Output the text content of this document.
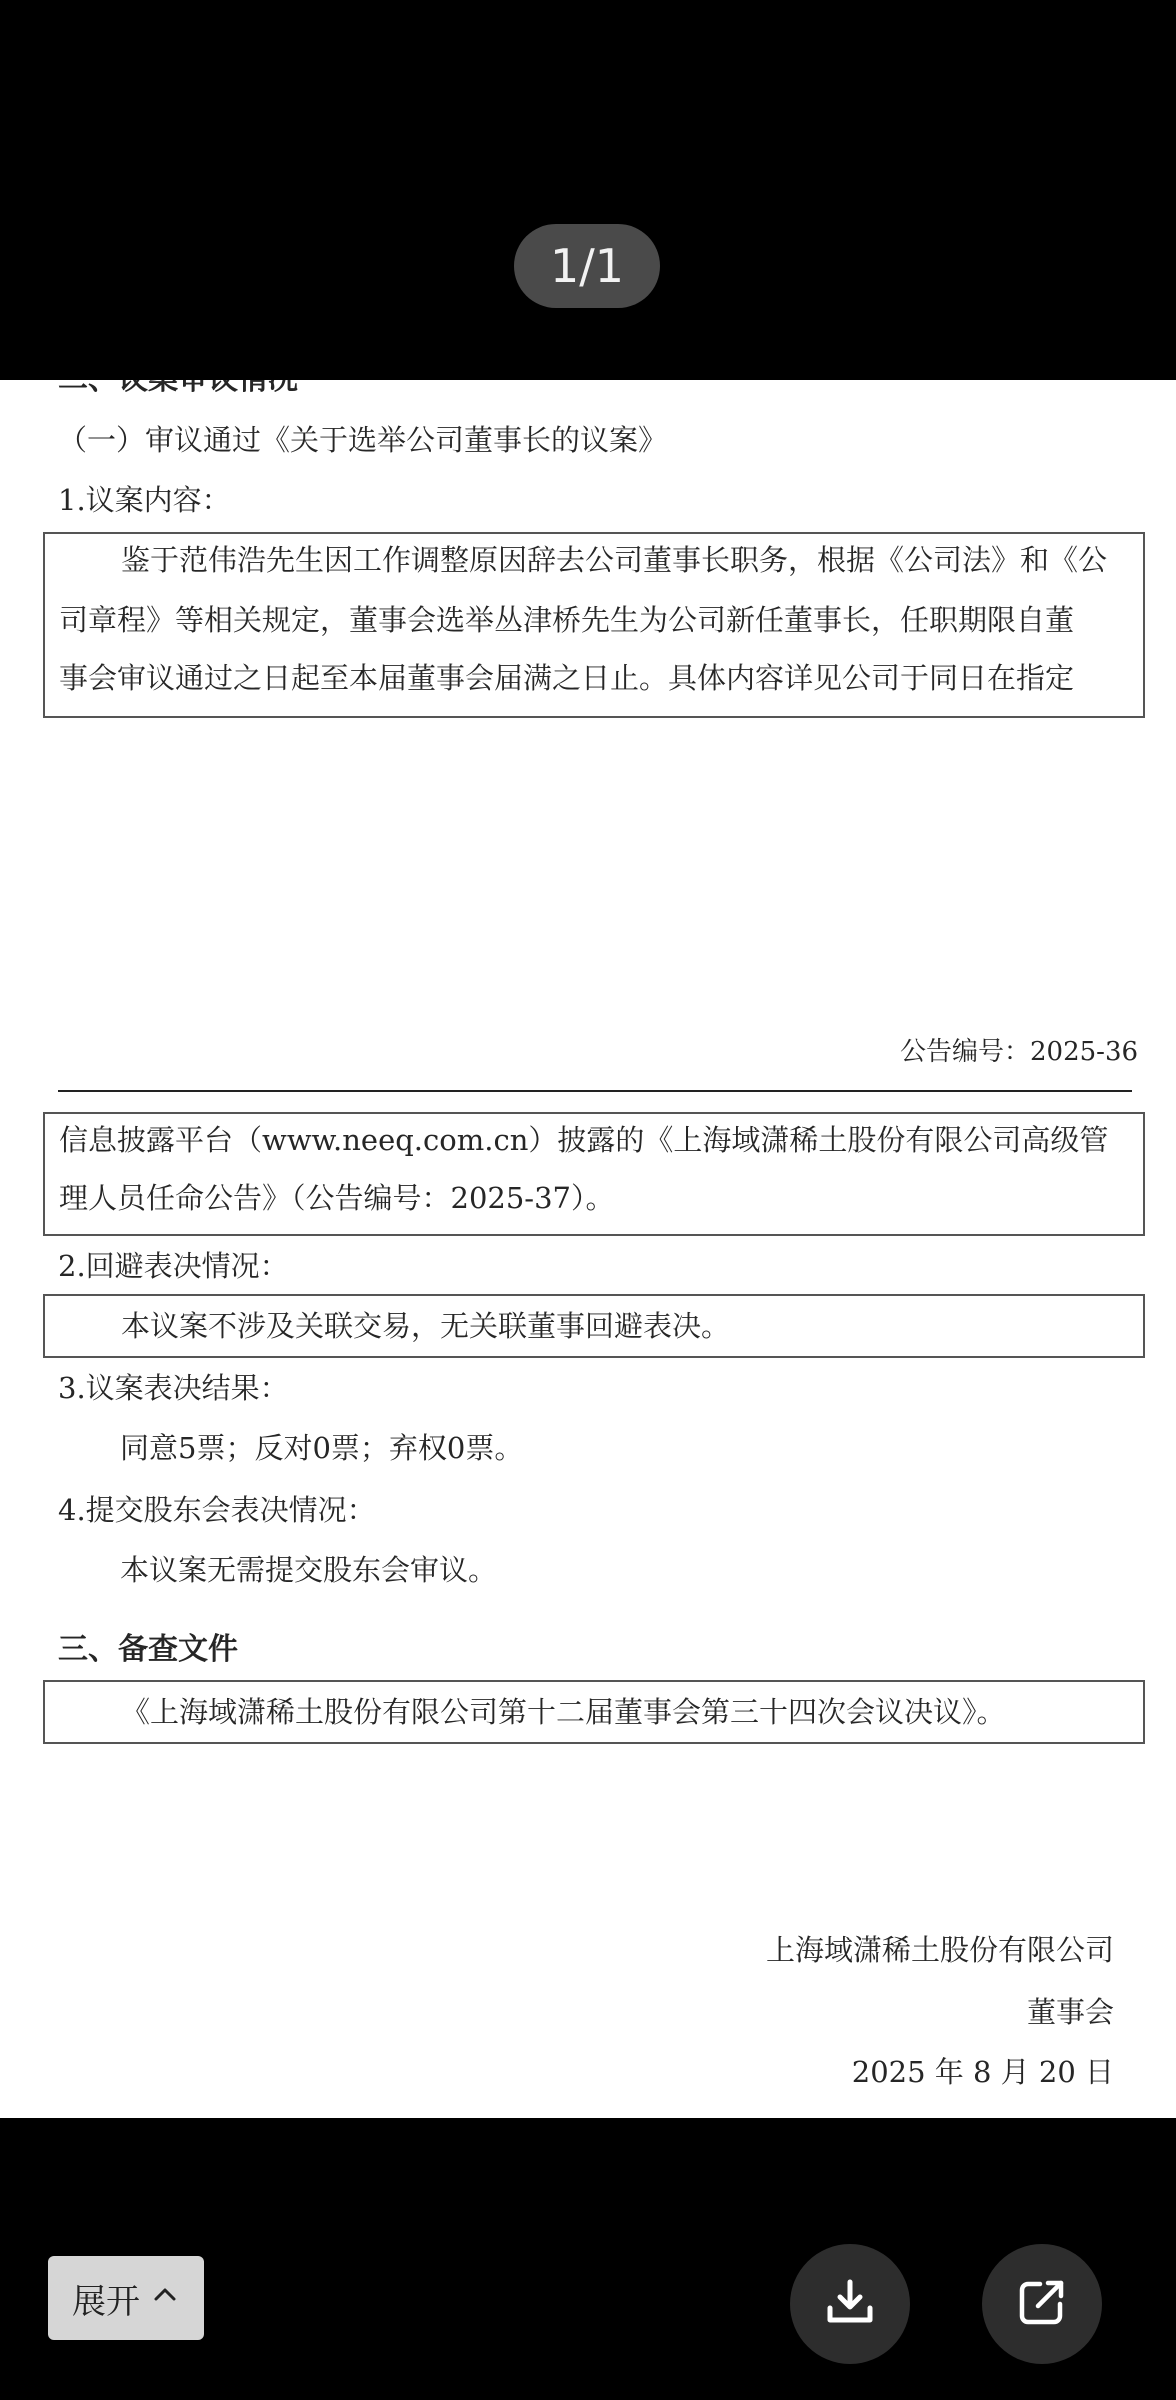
1/1
（一）审议通过《关于选举公司董事长的议案》
1.议案内容：
鉴于范伟浩先生因工作调整原因辞去公司董事长职务，根据《公司法》和《公
司章程》等相关规定，董事会选举丛津桥先生为公司新任董事长，任职期限自董
事会审议通过之日起至本届董事会届满之日止。具体内容详见公司于同日在指定
公告编号：2025-36
信息披露平台（www.neeq.com.cn）披露的《上海域潇稀土股份有限公司高级管
理人员任命公告》（公告编号：2025-37）。
2.回避表决情况：
本议案不涉及关联交易，无关联董事回避表决。
3.议案表决结果：
同意5票；反对0票；弃权0票。
4.提交股东会表决情况：
本议案无需提交股东会审议。
三、备查文件
《上海域潇稀土股份有限公司第十二届董事会第三十四次会议决议》。
上海域潇稀土股份有限公司
董事会
2025 年 8 月 20 日
展开
